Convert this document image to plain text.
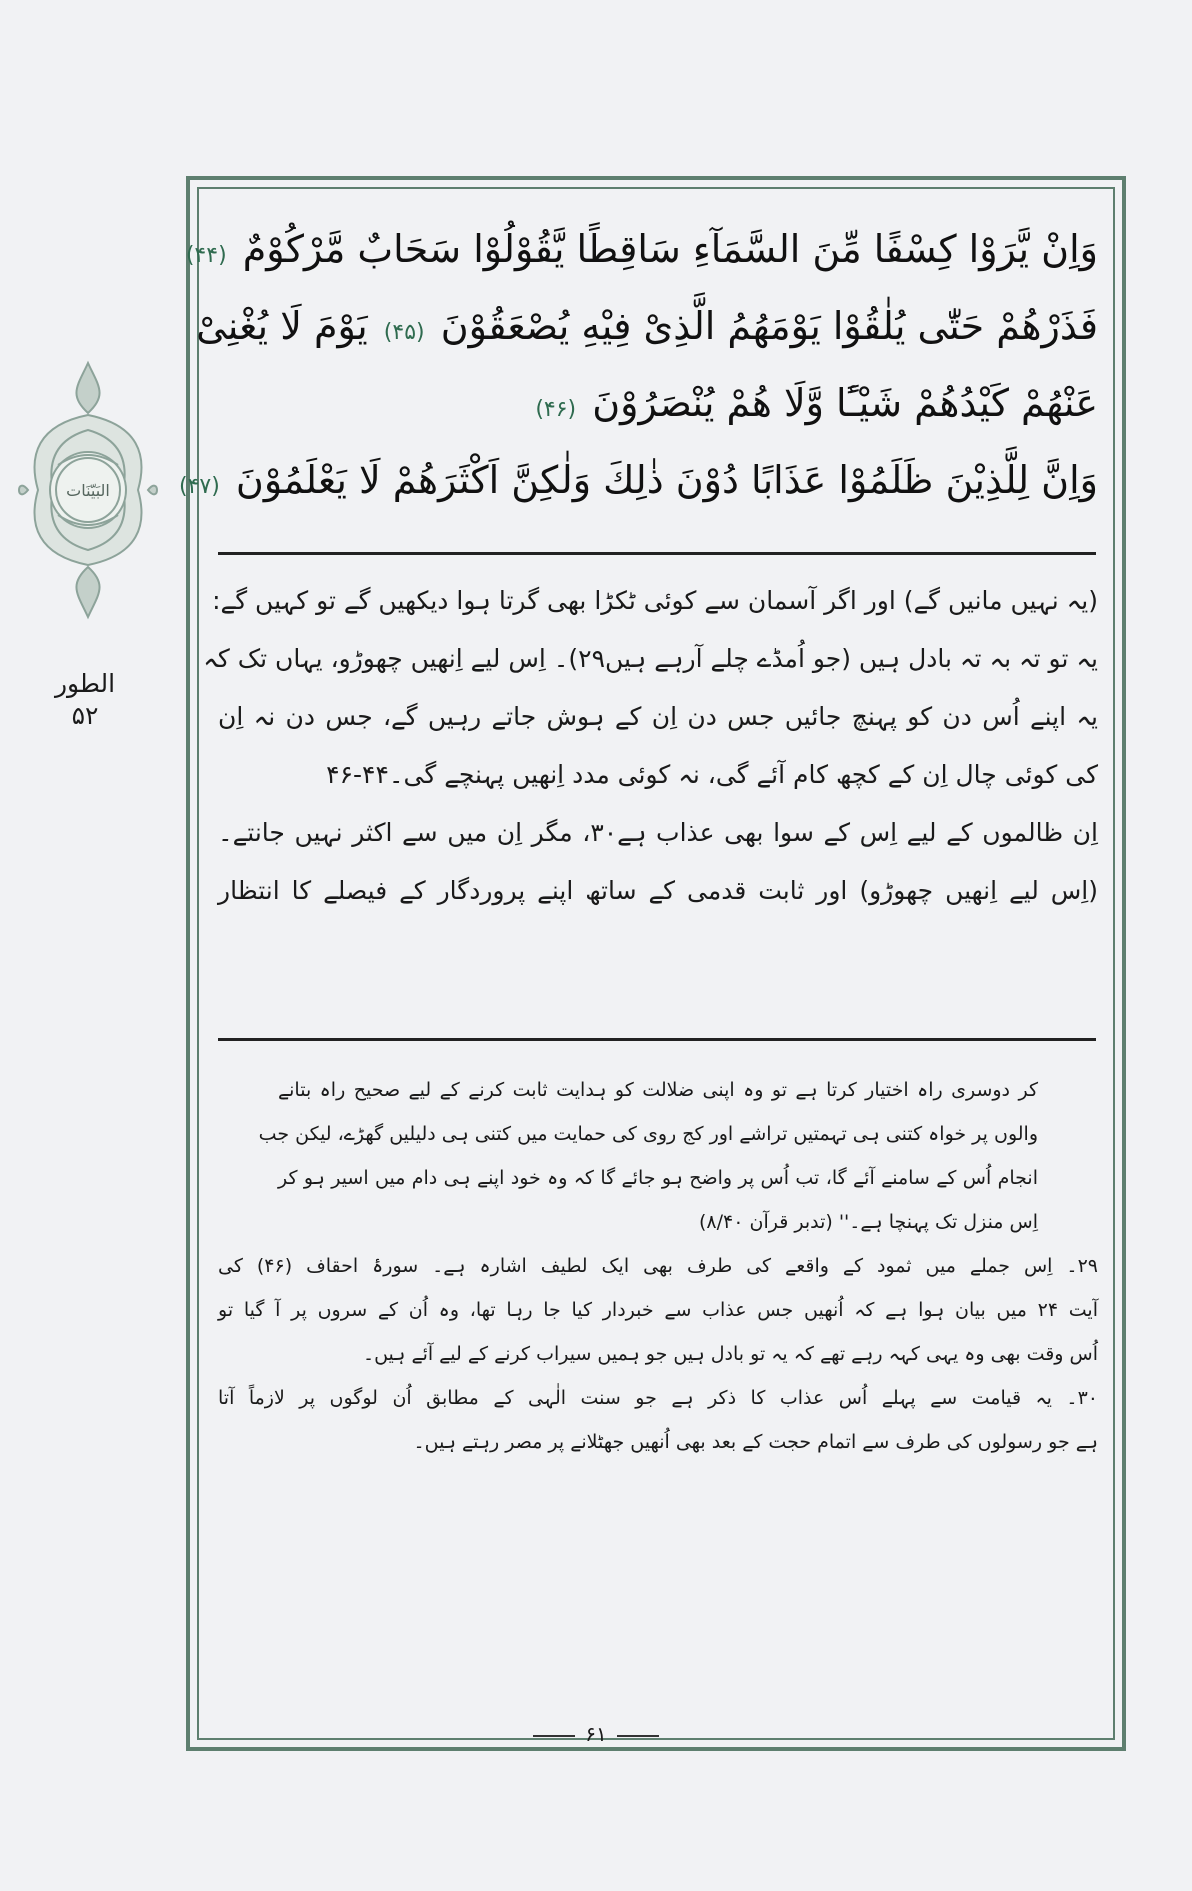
البَیّنَات
الطور
۵۲
وَاِنْ یَّرَوْا کِسْفًا مِّنَ السَّمَآءِ سَاقِطًا یَّقُوْلُوْا سَحَابٌ مَّرْکُوْمٌ (۴۴)
فَذَرْهُمْ حَتّٰی یُلٰقُوْا یَوْمَهُمُ الَّذِیْ فِیْهِ یُصْعَقُوْنَ (۴۵) یَوْمَ لَا یُغْنِیْ
عَنْهُمْ کَیْدُهُمْ شَیْـًٔا وَّلَا هُمْ یُنْصَرُوْنَ (۴۶)
وَاِنَّ لِلَّذِیْنَ ظَلَمُوْا عَذَابًا دُوْنَ ذٰلِكَ وَلٰكِنَّ اَکْثَرَهُمْ لَا یَعْلَمُوْنَ (۴۷)
(یہ نہیں مانیں گے) اور اگر آسمان سے کوئی ٹکڑا بھی گرتا ہوا دیکھیں گے تو کہیں گے:
یہ تو تہ بہ تہ بادل ہیں (جو اُمڈے چلے آرہے ہیں۲۹)۔ اِس لیے اِنھیں چھوڑو، یہاں تک کہ
یہ اپنے اُس دن کو پہنچ جائیں جس دن اِن کے ہوش جاتے رہیں گے، جس دن نہ اِن
کی کوئی چال اِن کے کچھ کام آئے گی، نہ کوئی مدد اِنھیں پہنچے گی۔۴۴-۴۶
اِن ظالموں کے لیے اِس کے سوا بھی عذاب ہے۳۰، مگر اِن میں سے اکثر نہیں جانتے۔
(اِس لیے اِنھیں چھوڑو) اور ثابت قدمی کے ساتھ اپنے پروردگار کے فیصلے کا انتظار
کر دوسری راہ اختیار کرتا ہے تو وہ اپنی ضلالت کو ہدایت ثابت کرنے کے لیے صحیح راہ بتانے
والوں پر خواہ کتنی ہی تہمتیں تراشے اور کج روی کی حمایت میں کتنی ہی دلیلیں گھڑے، لیکن جب
انجام اُس کے سامنے آئے گا، تب اُس پر واضح ہو جائے گا کہ وہ خود اپنے ہی دام میں اسیر ہو کر
اِس منزل تک پہنچا ہے۔'' (تدبر قرآن ۸/۴۰)
۲۹۔ اِس جملے میں ثمود کے واقعے کی طرف بھی ایک لطیف اشارہ ہے۔ سورۂ احقاف (۴۶) کی
آیت ۲۴ میں بیان ہوا ہے کہ اُنھیں جس عذاب سے خبردار کیا جا رہا تھا، وہ اُن کے سروں پر آ گیا تو
اُس وقت بھی وہ یہی کہہ رہے تھے کہ یہ تو بادل ہیں جو ہمیں سیراب کرنے کے لیے آئے ہیں۔
۳۰۔ یہ قیامت سے پہلے اُس عذاب کا ذکر ہے جو سنت الٰہی کے مطابق اُن لوگوں پر لازماً آتا
ہے جو رسولوں کی طرف سے اتمام حجت کے بعد بھی اُنھیں جھٹلانے پر مصر رہتے ہیں۔
۶۱
